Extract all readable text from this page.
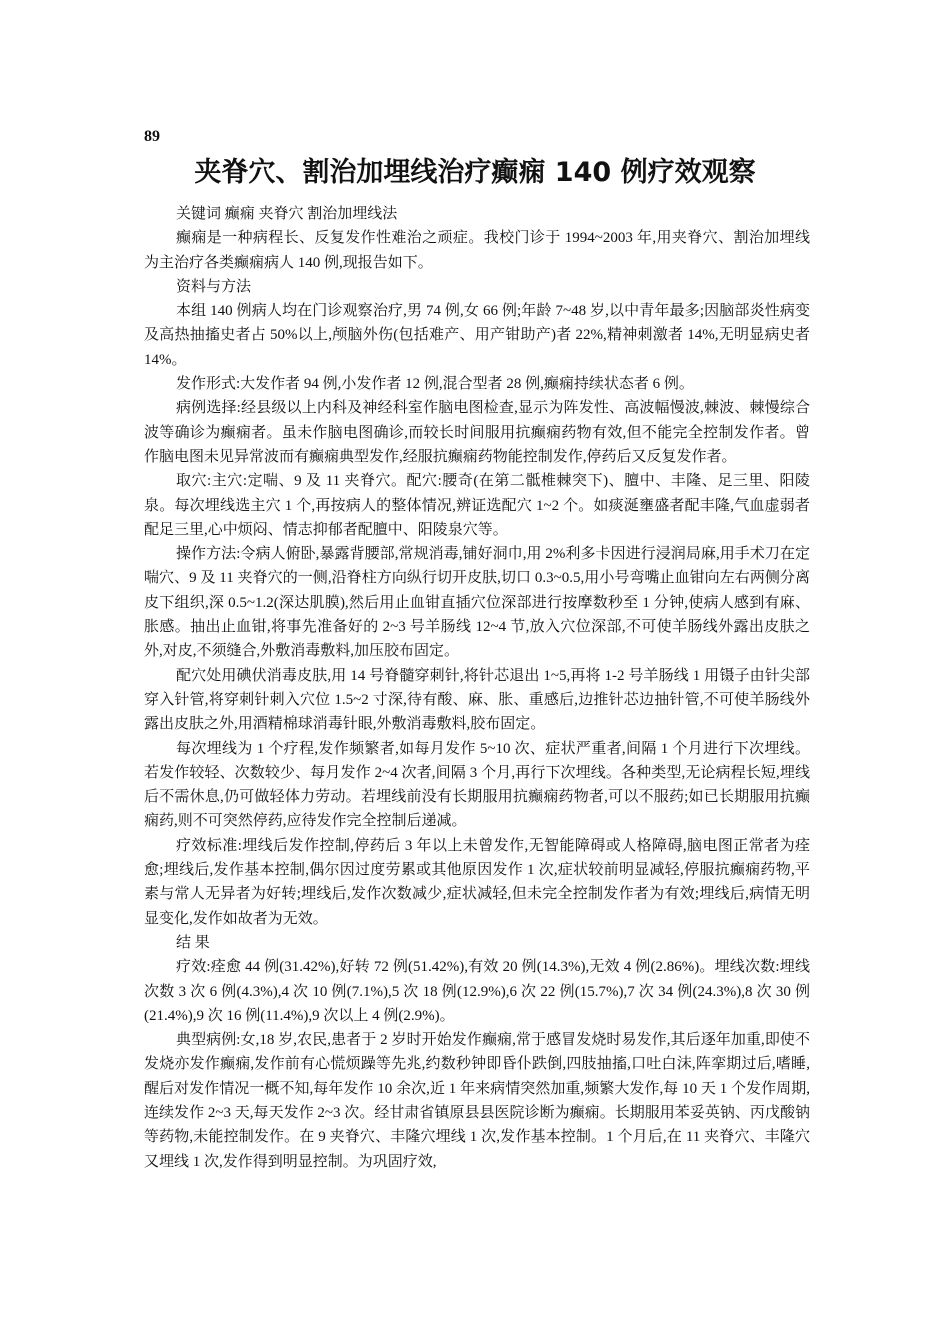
89

夹脊穴、割治加埋线治疗癫痫 140 例疗效观察

关键词 癫痫 夹脊穴 割治加埋线法

癫痫是一种病程长、反复发作性难治之顽症。我校门诊于 1994~2003 年,用夹脊穴、割治加埋线为主治疗各类癫痫病人 140 例,现报告如下。

资料与方法

本组 140 例病人均在门诊观察治疗,男 74 例,女 66 例;年龄 7~48 岁,以中青年最多;因脑部炎性病变及高热抽搐史者占 50%以上,颅脑外伤(包括难产、用产钳助产)者 22%,精神刺激者 14%,无明显病史者 14%。

发作形式:大发作者 94 例,小发作者 12 例,混合型者 28 例,癫痫持续状态者 6 例。

病例选择:经县级以上内科及神经科室作脑电图检查,显示为阵发性、高波幅慢波,棘波、棘慢综合波等确诊为癫痫者。虽未作脑电图确诊,而较长时间服用抗癫痫药物有效,但不能完全控制发作者。曾作脑电图未见异常波而有癫痫典型发作,经服抗癫痫药物能控制发作,停药后又反复发作者。

取穴:主穴:定喘、9 及 11 夹脊穴。配穴:腰奇(在第二骶椎棘突下)、膻中、丰隆、足三里、阳陵泉。每次埋线选主穴 1 个,再按病人的整体情况,辨证选配穴 1~2 个。如痰涎壅盛者配丰隆,气血虚弱者配足三里,心中烦闷、情志抑郁者配膻中、阳陵泉穴等。

操作方法:令病人俯卧,暴露背腰部,常规消毒,铺好洞巾,用 2%利多卡因进行浸润局麻,用手术刀在定喘穴、9 及 11 夹脊穴的一侧,沿脊柱方向纵行切开皮肤,切口 0.3~0.5,用小号弯嘴止血钳向左右两侧分离皮下组织,深 0.5~1.2(深达肌膜),然后用止血钳直插穴位深部进行按摩数秒至 1 分钟,使病人感到有麻、胀感。抽出止血钳,将事先准备好的 2~3 号羊肠线 12~4 节,放入穴位深部,不可使羊肠线外露出皮肤之外,对皮,不须缝合,外敷消毒敷料,加压胶布固定。

配穴处用碘伏消毒皮肤,用 14 号脊髓穿刺针,将针芯退出 1~5,再将 1-2 号羊肠线 1 用镊子由针尖部穿入针管,将穿刺针刺入穴位 1.5~2 寸深,待有酸、麻、胀、重感后,边推针芯边抽针管,不可使羊肠线外露出皮肤之外,用酒精棉球消毒针眼,外敷消毒敷料,胶布固定。

每次埋线为 1 个疗程,发作频繁者,如每月发作 5~10 次、症状严重者,间隔 1 个月进行下次埋线。若发作较轻、次数较少、每月发作 2~4 次者,间隔 3 个月,再行下次埋线。各种类型,无论病程长短,埋线后不需休息,仍可做轻体力劳动。若埋线前没有长期服用抗癫痫药物者,可以不服药;如已长期服用抗癫痫药,则不可突然停药,应待发作完全控制后递减。

疗效标准:埋线后发作控制,停药后 3 年以上未曾发作,无智能障碍或人格障碍,脑电图正常者为痊愈;埋线后,发作基本控制,偶尔因过度劳累或其他原因发作 1 次,症状较前明显减轻,停服抗癫痫药物,平素与常人无异者为好转;埋线后,发作次数减少,症状减轻,但未完全控制发作者为有效;埋线后,病情无明显变化,发作如故者为无效。

结 果

疗效:痊愈 44 例(31.42%),好转 72 例(51.42%),有效 20 例(14.3%),无效 4 例(2.86%)。埋线次数:埋线次数 3 次 6 例(4.3%),4 次 10 例(7.1%),5 次 18 例(12.9%),6 次 22 例(15.7%),7 次 34 例(24.3%),8 次 30 例(21.4%),9 次 16 例(11.4%),9 次以上 4 例(2.9%)。

典型病例:女,18 岁,农民,患者于 2 岁时开始发作癫痫,常于感冒发烧时易发作,其后逐年加重,即使不发烧亦发作癫痫,发作前有心慌烦躁等先兆,约数秒钟即昏仆跌倒,四肢抽搐,口吐白沫,阵挛期过后,嗜睡,醒后对发作情况一概不知,每年发作 10 余次,近 1 年来病情突然加重,频繁大发作,每 10 天 1 个发作周期,连续发作 2~3 天,每天发作 2~3 次。经甘肃省镇原县县医院诊断为癫痫。长期服用苯妥英钠、丙戊酸钠等药物,未能控制发作。在 9 夹脊穴、丰隆穴埋线 1 次,发作基本控制。1 个月后,在 11 夹脊穴、丰隆穴又埋线 1 次,发作得到明显控制。为巩固疗效,
